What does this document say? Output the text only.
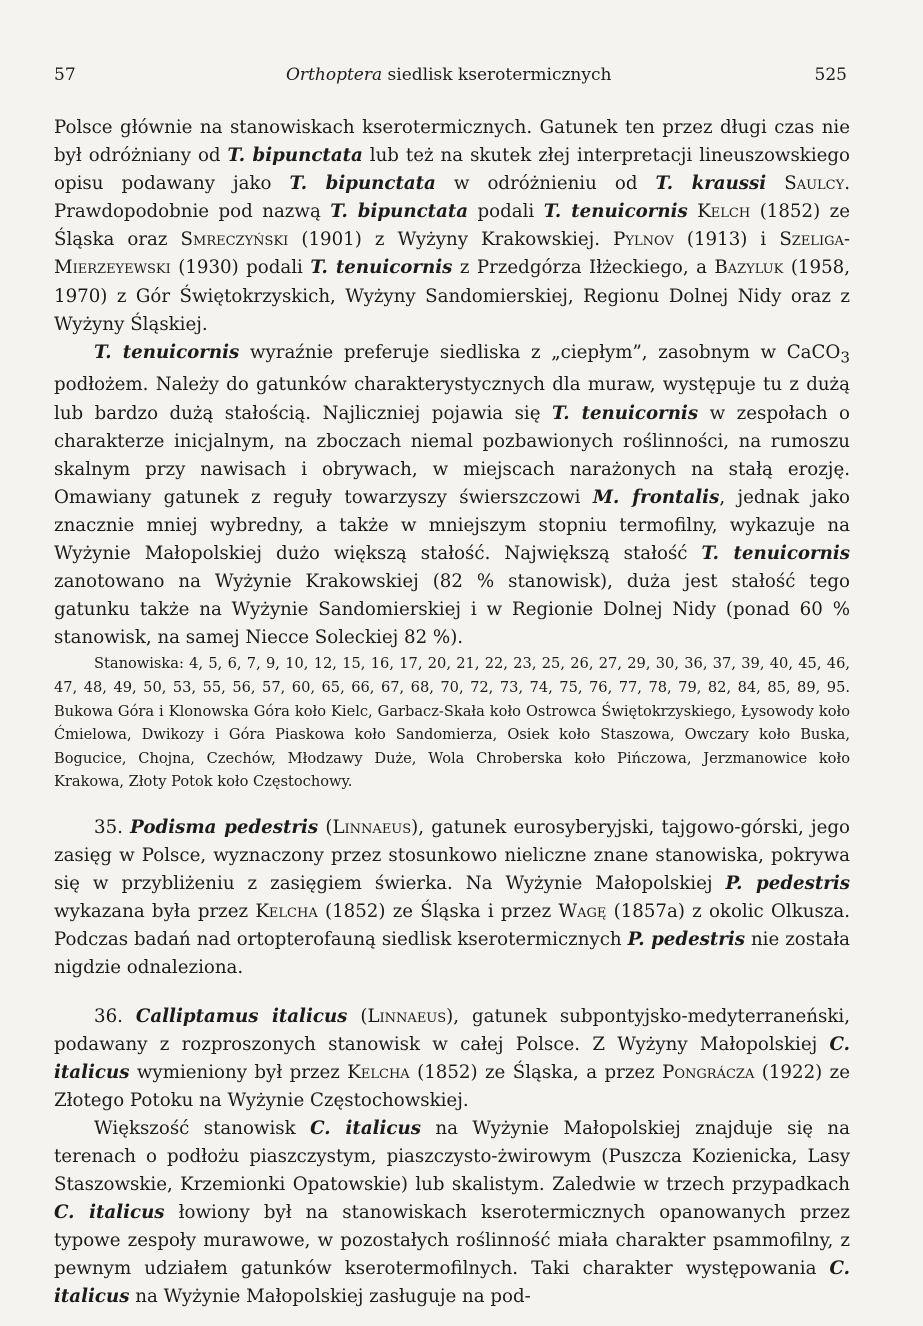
57	Orthoptera siedlisk kserotermicznych	525

Polsce głównie na stanowiskach kserotermicznych. Gatunek ten przez długi czas nie był odróżniany od T. bipunctata lub też na skutek złej interpretacji lineuszowskiego opisu podawany jako T. bipunctata w odróżnieniu od T. kraussi Saulcy. Prawdopodobnie pod nazwą T. bipunctata podali T. tenuicornis Kelch (1852) ze Śląska oraz Smreczyński (1901) z Wyżyny Krakowskiej. Pylnov (1913) i Szeliga-Mierzeyewski (1930) podali T. tenuicornis z Przedgórza Iłżeckiego, a Bazyluk (1958, 1970) z Gór Świętokrzyskich, Wyżyny Sandomierskiej, Regionu Dolnej Nidy oraz z Wyżyny Śląskiej.

T. tenuicornis wyraźnie preferuje siedliska z „ciepłym”, zasobnym w CaCO$_3$ podłożem. Należy do gatunków charakterystycznych dla muraw, występuje tu z dużą lub bardzo dużą stałością. Najliczniej pojawia się T. tenuicornis w zespołach o charakterze inicjalnym, na zboczach niemal pozbawionych roślinności, na rumoszu skalnym przy nawisach i obrywach, w miejscach narażonych na stałą erozję. Omawiany gatunek z reguły towarzyszy świerszczowi M. frontalis, jednak jako znacznie mniej wybredny, a także w mniejszym stopniu termofilny, wykazuje na Wyżynie Małopolskiej dużo większą stałość. Największą stałość T. tenuicornis zanotowano na Wyżynie Krakowskiej (82 % stanowisk), duża jest stałość tego gatunku także na Wyżynie Sandomierskiej i w Regionie Dolnej Nidy (ponad 60 % stanowisk, na samej Niecce Soleckiej 82 %).

Stanowiska: 4, 5, 6, 7, 9, 10, 12, 15, 16, 17, 20, 21, 22, 23, 25, 26, 27, 29, 30, 36, 37, 39, 40, 45, 46, 47, 48, 49, 50, 53, 55, 56, 57, 60, 65, 66, 67, 68, 70, 72, 73, 74, 75, 76, 77, 78, 79, 82, 84, 85, 89, 95. Bukowa Góra i Klonowska Góra koło Kielc, Garbacz-Skała koło Ostrowca Świętokrzyskiego, Łysowody koło Ćmielowa, Dwikozy i Góra Piaskowa koło Sandomierza, Osiek koło Staszowa, Owczary koło Buska, Bogucice, Chojna, Czechów, Młodzawy Duże, Wola Chroberska koło Pińczowa, Jerzmanowice koło Krakowa, Złoty Potok koło Częstochowy.

35. Podisma pedestris (Linnaeus), gatunek eurosyberyjski, tajgowo-górski, jego zasięg w Polsce, wyznaczony przez stosunkowo nieliczne znane stanowiska, pokrywa się w przybliżeniu z zasięgiem świerka. Na Wyżynie Małopolskiej P. pedestris wykazana była przez Kelcha (1852) ze Śląska i przez Wagę (1857a) z okolic Olkusza. Podczas badań nad ortopterofauną siedlisk kserotermicznych P. pedestris nie została nigdzie odnaleziona.

36. Calliptamus italicus (Linnaeus), gatunek subpontyjsko-medyterraneński, podawany z rozproszonych stanowisk w całej Polsce. Z Wyżyny Małopolskiej C. italicus wymieniony był przez Kelcha (1852) ze Śląska, a przez Pongrácza (1922) ze Złotego Potoku na Wyżynie Częstochowskiej.

Większość stanowisk C. italicus na Wyżynie Małopolskiej znajduje się na terenach o podłożu piaszczystym, piaszczysto-żwirowym (Puszcza Kozienicka, Lasy Staszowskie, Krzemionki Opatowskie) lub skalistym. Zaledwie w trzech przypadkach C. italicus łowiony był na stanowiskach kserotermicznych opanowanych przez typowe zespoły murawowe, w pozostałych roślinność miała charakter psammofilny, z pewnym udziałem gatunków kserotermofilnych. Taki charakter występowania C. italicus na Wyżynie Małopolskiej zasługuje na pod-
